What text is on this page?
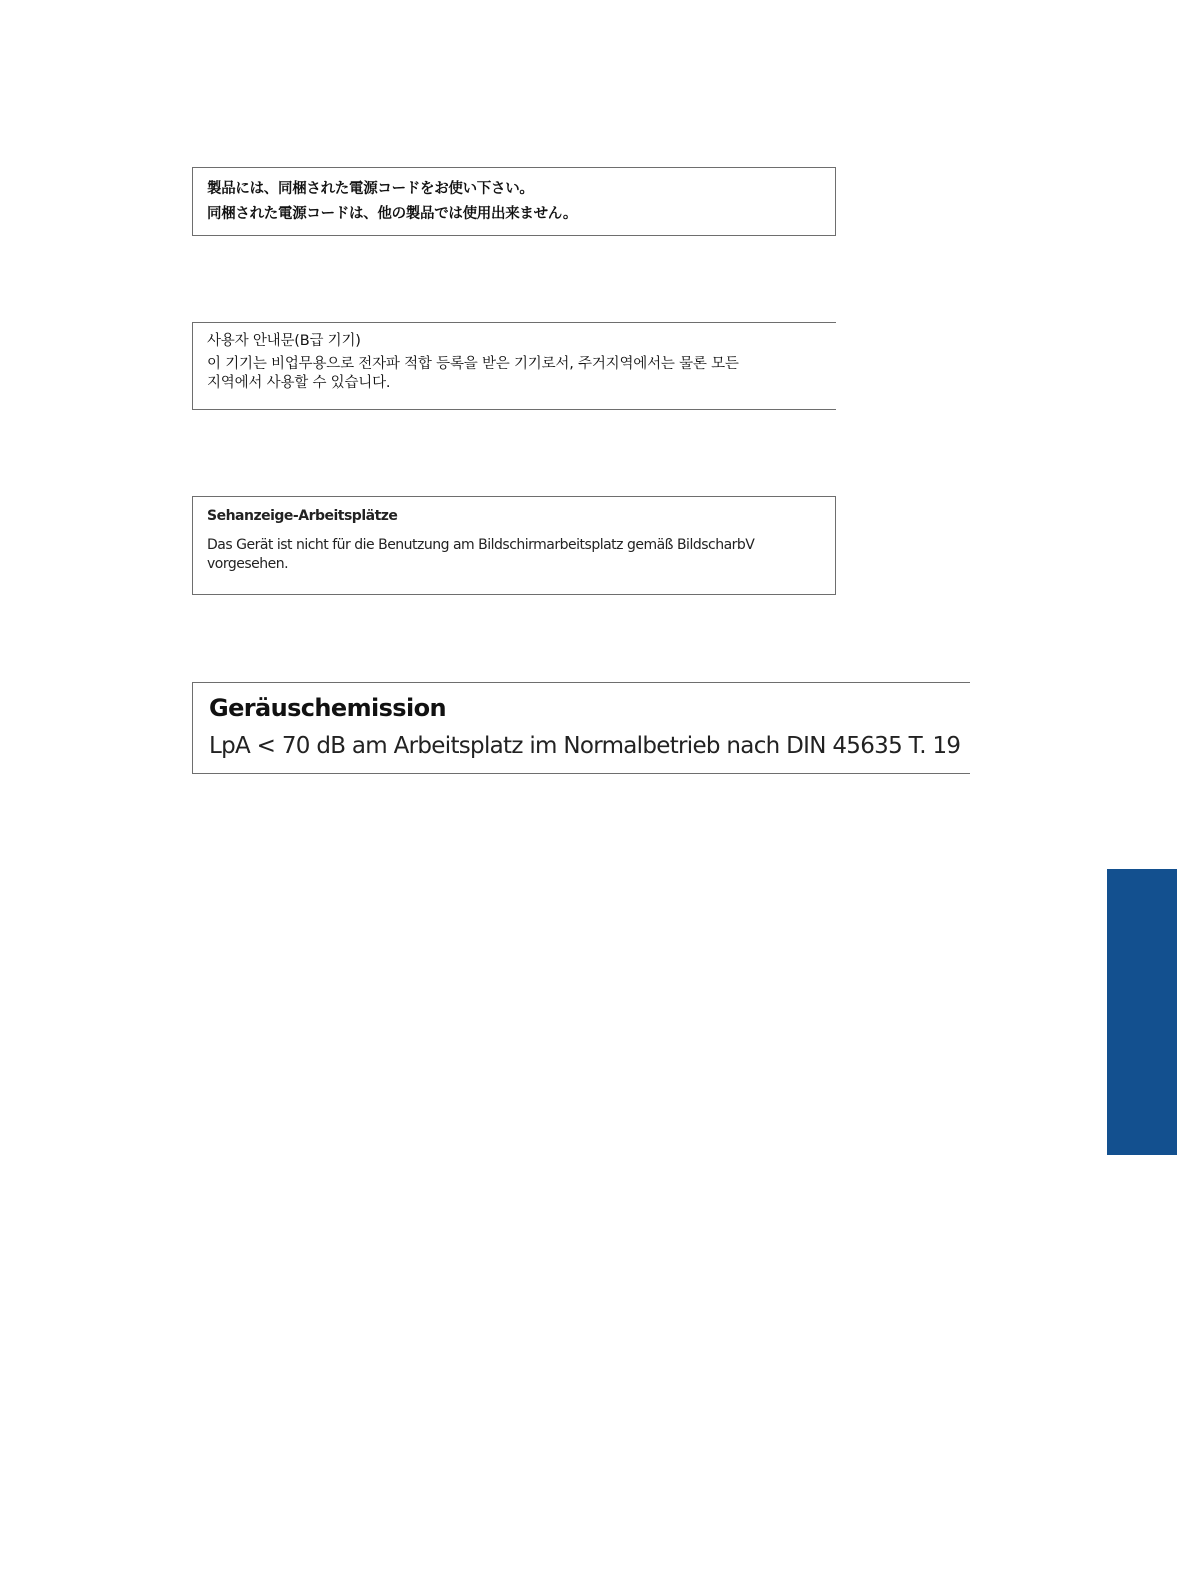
製品には、同梱された電源コードをお使い下さい。
同梱された電源コードは、他の製品では使用出来ません。
사용자 안내문(B급 기기)
이 기기는 비업무용으로 전자파 적합 등록을 받은 기기로서, 주거지역에서는 물론 모든
지역에서 사용할 수 있습니다.
Sehanzeige-Arbeitsplätze
Das Gerät ist nicht für die Benutzung am Bildschirmarbeitsplatz gemäß BildscharbV
vorgesehen.
Geräuschemission
LpA < 70 dB am Arbeitsplatz im Normalbetrieb nach DIN 45635 T. 19
